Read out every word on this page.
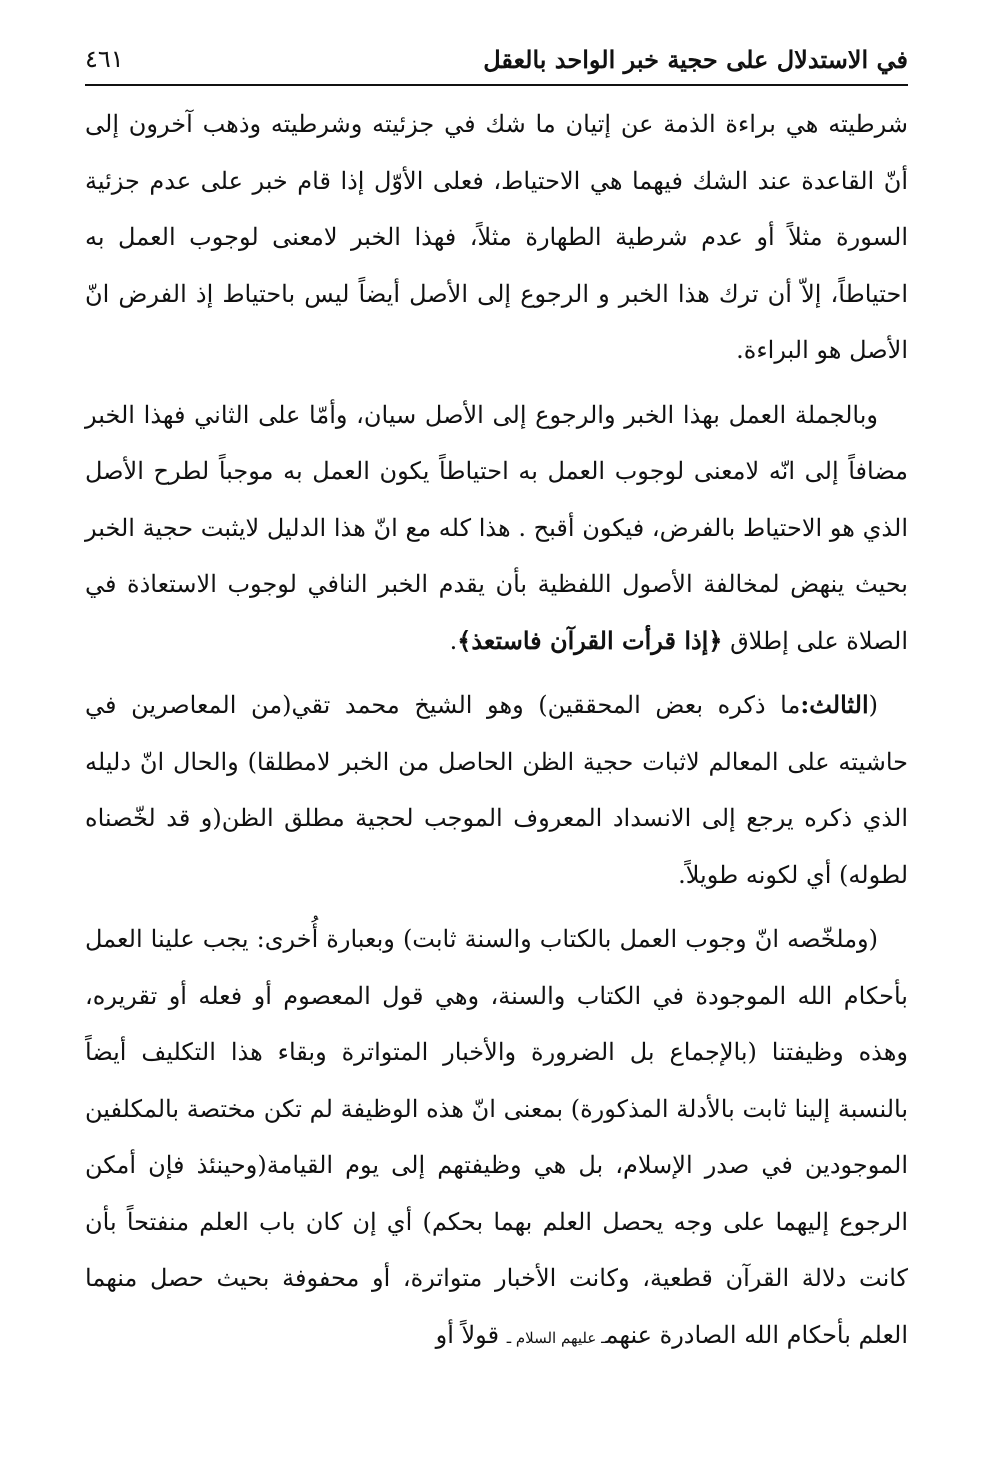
٤٦١	في الاستدلال على حجية خبر الواحد بالعقل

شرطيته هي براءة الذمة عن إتيان ما شك في جزئيته وشرطيته وذهب آخرون إلى أنّ القاعدة عند الشك فيهما هي الاحتياط، فعلى الأوّل إذا قام خبر على عدم جزئية السورة مثلاً أو عدم شرطية الطهارة مثلاً، فهذا الخبر لامعنى لوجوب العمل به احتياطاً، إلاّ أن ترك هذا الخبر و الرجوع إلى الأصل أيضاً ليس باحتياط إذ الفرض انّ الأصل هو البراءة.

وبالجملة العمل بهذا الخبر والرجوع إلى الأصل سيان، وأمّا على الثاني فهذا الخبر مضافاً إلى انّه لامعنى لوجوب العمل به احتياطاً يكون العمل به موجباً لطرح الأصل الذي هو الاحتياط بالفرض، فيكون أقبح . هذا كله مع انّ هذا الدليل لايثبت حجية الخبر بحيث ينهض لمخالفة الأصول اللفظية بأن يقدم الخبر النافي لوجوب الاستعاذة في الصلاة على إطلاق ﴿إذا قرأت القرآن فاستعذ﴾.

(الثالث:ما ذكره بعض المحققين) وهو الشيخ محمد تقي(من المعاصرين في حاشيته على المعالم لاثبات حجية الظن الحاصل من الخبر لامطلقا) والحال انّ دليله الذي ذكره يرجع إلى الانسداد المعروف الموجب لحجية مطلق الظن(و قد لخّصناه لطوله) أي لكونه طويلاً.

(وملخّصه انّ وجوب العمل بالكتاب والسنة ثابت) وبعبارة أُخرى: يجب علينا العمل بأحكام الله الموجودة في الكتاب والسنة، وهي قول المعصوم أو فعله أو تقريره، وهذه وظيفتنا (بالإجماع بل الضرورة والأخبار المتواترة وبقاء هذا التكليف أيضاً بالنسبة إلينا ثابت بالأدلة المذكورة) بمعنى انّ هذه الوظيفة لم تكن مختصة بالمكلفين الموجودين في صدر الإسلام، بل هي وظيفتهم إلى يوم القيامة(وحينئذ فإن أمكن الرجوع إليهما على وجه يحصل العلم بهما بحكم) أي إن كان باب العلم منفتحاً بأن كانت دلالة القرآن قطعية، وكانت الأخبار متواترة، أو محفوفة بحيث حصل منهما العلم بأحكام الله الصادرة عنهمـ عليهم السلام ـ قولاً أو
